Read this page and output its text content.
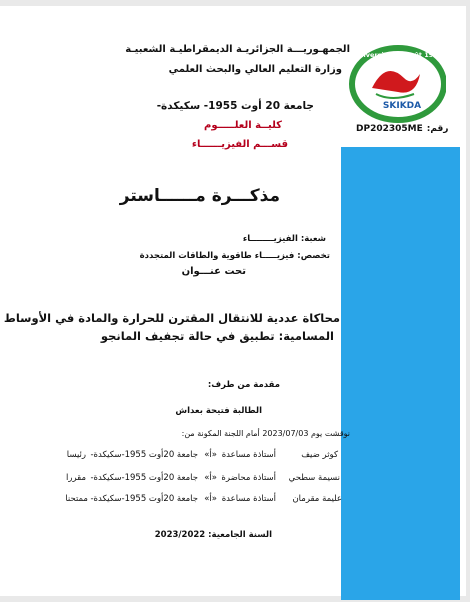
الجمهـوريـــة الجزائريـة الديمقراطيـة الشعبيـة
وزارة التعليم العالي والبحث العلمي
جامعة 20 أوت 1955- سكيكدة-
كليــة العلـــــوم
قســـم الفيزيــــــاء
Université 20 Août 1955
SKIKDA
DP202305ME رقم:
مذكـــرة مــــــاستر
شعبة: الفيزيــــــــاء
تخصص: فيزيـــــاء طاقوية والطاقات المتجددة
تحت عنـــوان
محاكاة عددية للانتقال المقترن للحرارة والمادة في الأوساط
المسامية: تطبيق في حالة تجفيف المانجو
مقدمة من طرف:
الطالبة فتيحة بعداش
نوقشت يوم 2023/07/03 أمام اللجنة المكونة من:
كوثر ضيف
أستاذة مساعدة
«أ»
جامعة 20أوت 1955-سكيكدة-
رئيسا
نسيمة سطحي
أستاذة محاضرة
«أ»
جامعة 20أوت 1955-سكيكدة-
مقررا
عليمة مقرمان
أستاذة مساعدة
«أ»
جامعة 20أوت 1955-سكيكدة-
ممتحنا
السنة الجامعية: 2023/2022
